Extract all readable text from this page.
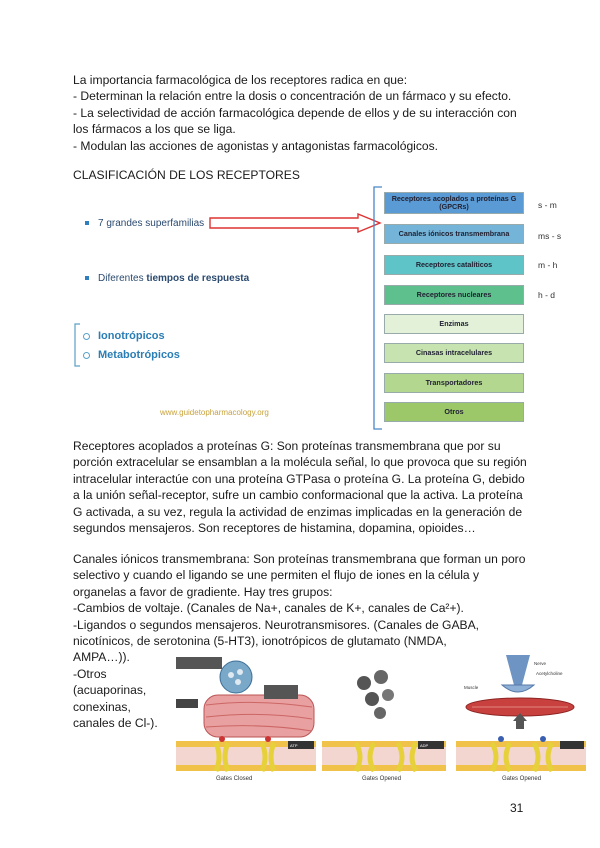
La importancia farmacológica de los receptores radica en que:
- Determinan la relación entre la dosis o concentración de un fármaco y su efecto.
- La selectividad de acción farmacológica depende de ellos y de su interacción con
los fármacos a los que se liga.
- Modulan las acciones de agonistas y antagonistas farmacológicos.
CLASIFICACIÓN DE LOS RECEPTORES
7 grandes superfamilias
Diferentes tiempos de respuesta
Ionotrópicos
Metabotrópicos
www.guidetopharmacology.org
Receptores acoplados a proteínas G (GPCRs)
Canales iónicos transmembrana
Receptores catalíticos
Receptores nucleares
Enzimas
Cinasas intracelulares
Transportadores
Otros
s - m
ms - s
m - h
h - d
Receptores acoplados a proteínas G: Son proteínas transmembrana que por su
porción extracelular se ensamblan a la molécula señal, lo que provoca que su región
intracelular interactúe con una proteína GTPasa o proteína G. La proteína G, debido
a la unión señal-receptor, sufre un cambio conformacional que la activa. La proteína
G activada, a su vez, regula la actividad de enzimas implicadas en la generación de
segundos mensajeros. Son receptores de histamina, dopamina, opioides…
Canales iónicos transmembrana: Son proteínas transmembrana que forman un poro
selectivo y cuando el ligando se une permiten el flujo de iones en la célula y
organelas a favor de gradiente. Hay tres grupos:
-Cambios de voltaje. (Canales de Na+, canales de K+, canales de Ca²+).
-Ligandos o segundos mensajeros. Neurotransmisores. (Canales de GABA,
nicotínicos, de serotonina (5-HT3), ionotrópicos de glutamato (NMDA,
AMPA…)).
-Otros
(acuaporinas,
conexinas,
canales de Cl-).
Gates Closed
ATP
Gates Opened
ADP
Muscle
Nerve
Acetylcholine
Gates Opened
31
